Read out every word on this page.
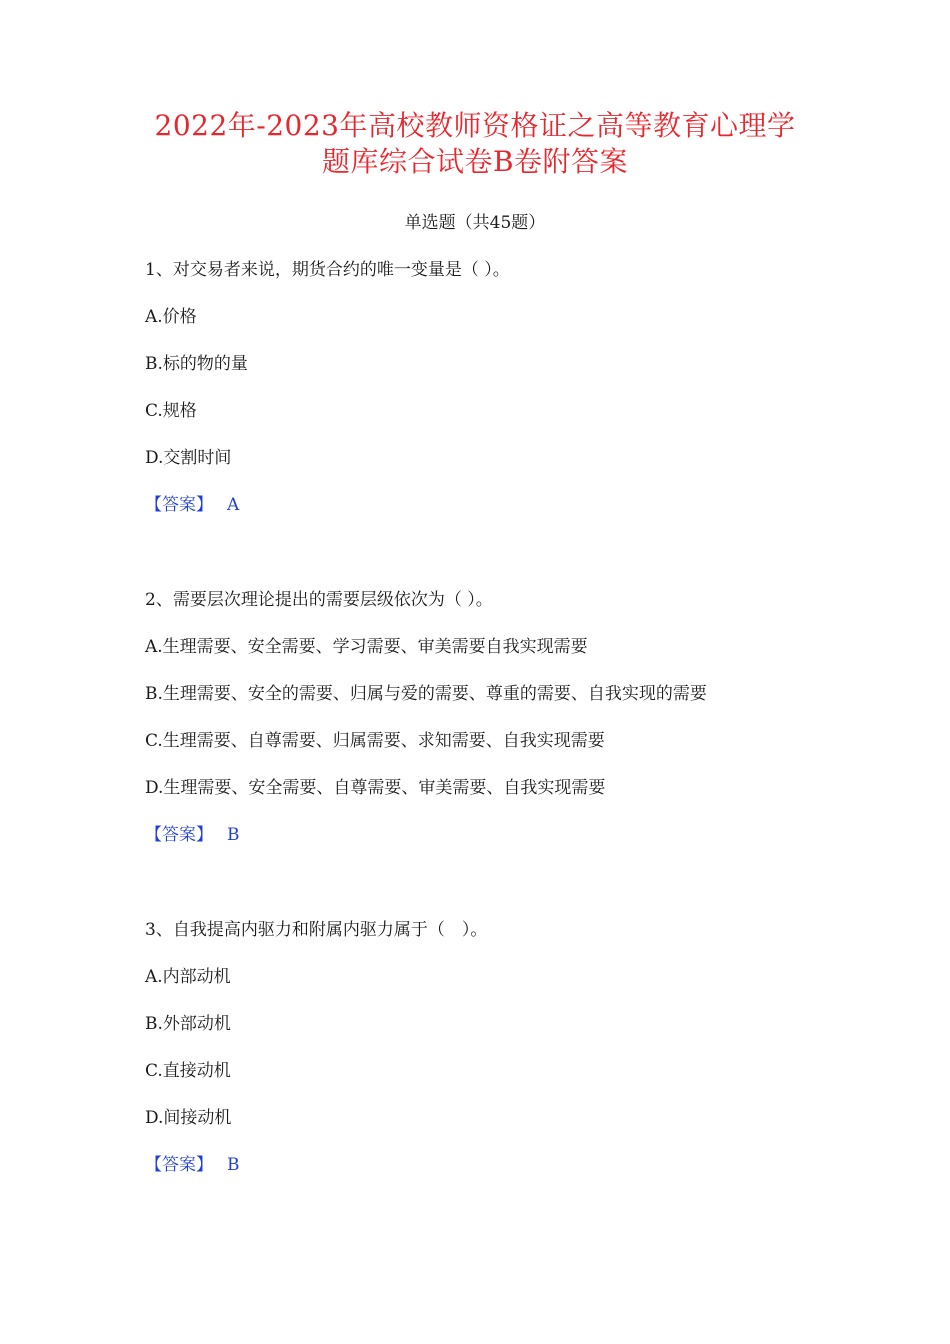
2022年-2023年高校教师资格证之高等教育心理学
题库综合试卷B卷附答案
单选题（共45题）
1、对交易者来说，期货合约的唯一变量是（ ）。
A.价格
B.标的物的量
C.规格
D.交割时间
【答案】 A
2、需要层次理论提出的需要层级依次为（ ）。
A.生理需要、安全需要、学习需要、审美需要自我实现需要
B.生理需要、安全的需要、归属与爱的需要、尊重的需要、自我实现的需要
C.生理需要、自尊需要、归属需要、求知需要、自我实现需要
D.生理需要、安全需要、自尊需要、审美需要、自我实现需要
【答案】 B
3、自我提高内驱力和附属内驱力属于（　）。
A.内部动机
B.外部动机
C.直接动机
D.间接动机
【答案】 B
